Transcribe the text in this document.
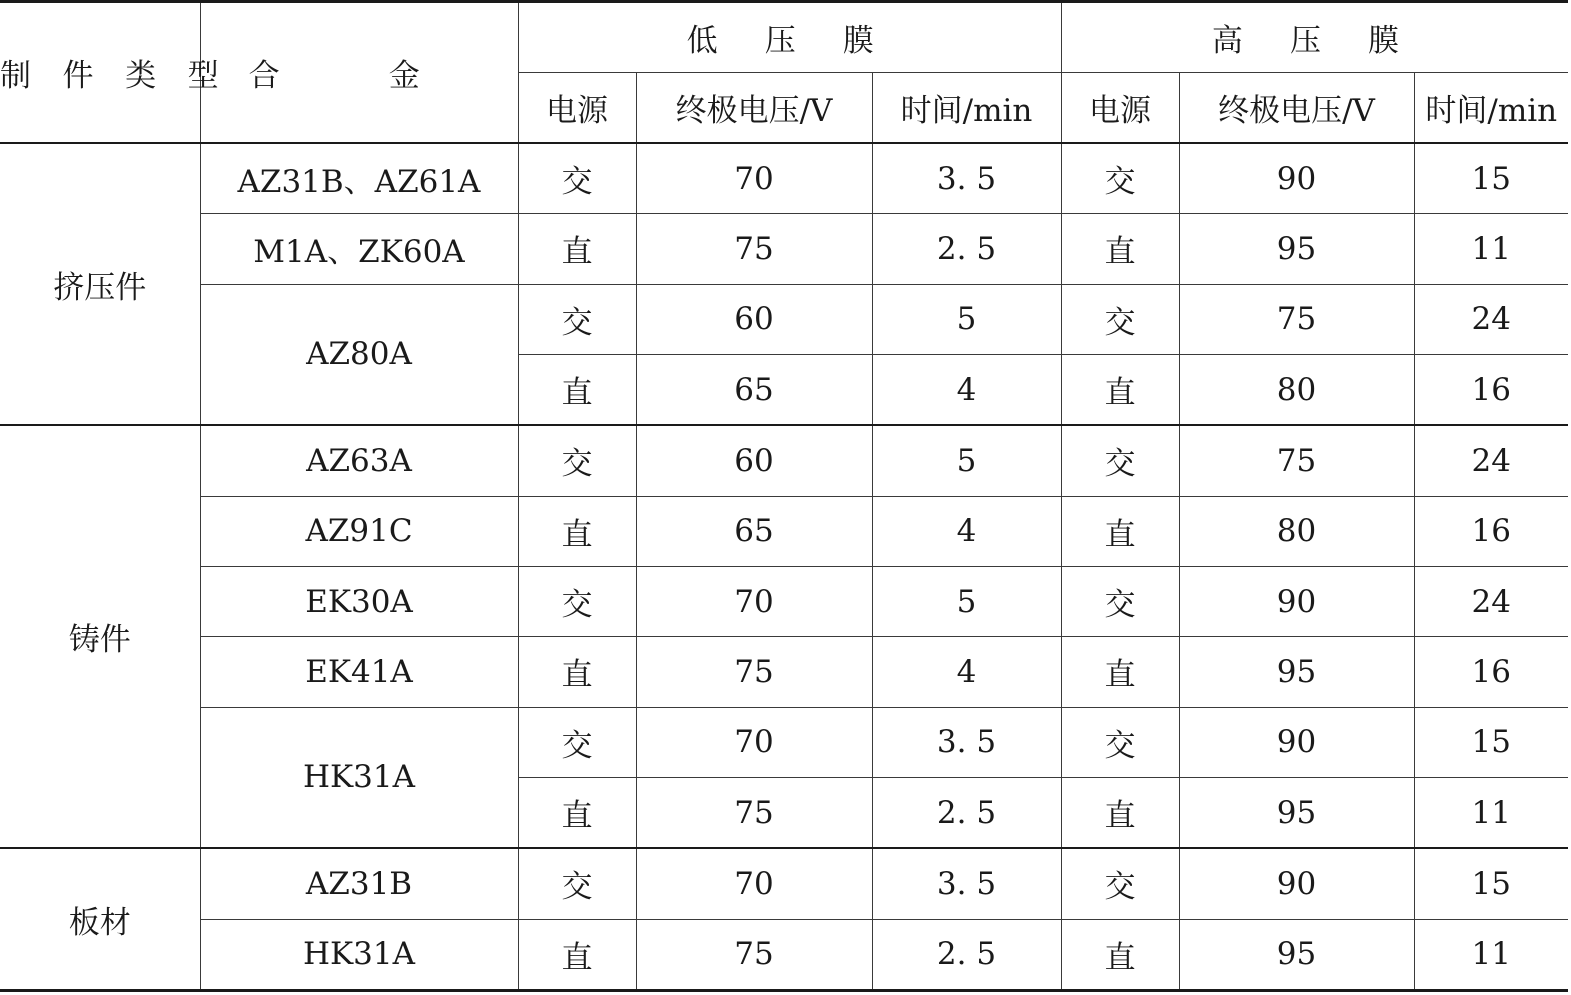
制 件 类 型	合 金	低 压 膜			高 压 膜		
		电源	终极电压/V	时间/min	电源	终极电压/V	时间/min
挤压件	AZ31B、AZ61A	交	70	3. 5	交	90	15
	M1A、ZK60A	直	75	2. 5	直	95	11
	AZ80A	交	60	5	交	75	24
		直	65	4	直	80	16
铸件	AZ63A	交	60	5	交	75	24
	AZ91C	直	65	4	直	80	16
	EK30A	交	70	5	交	90	24
	EK41A	直	75	4	直	95	16
	HK31A	交	70	3. 5	交	90	15
		直	75	2. 5	直	95	11
板材	AZ31B	交	70	3. 5	交	90	15
	HK31A	直	75	2. 5	直	95	11
